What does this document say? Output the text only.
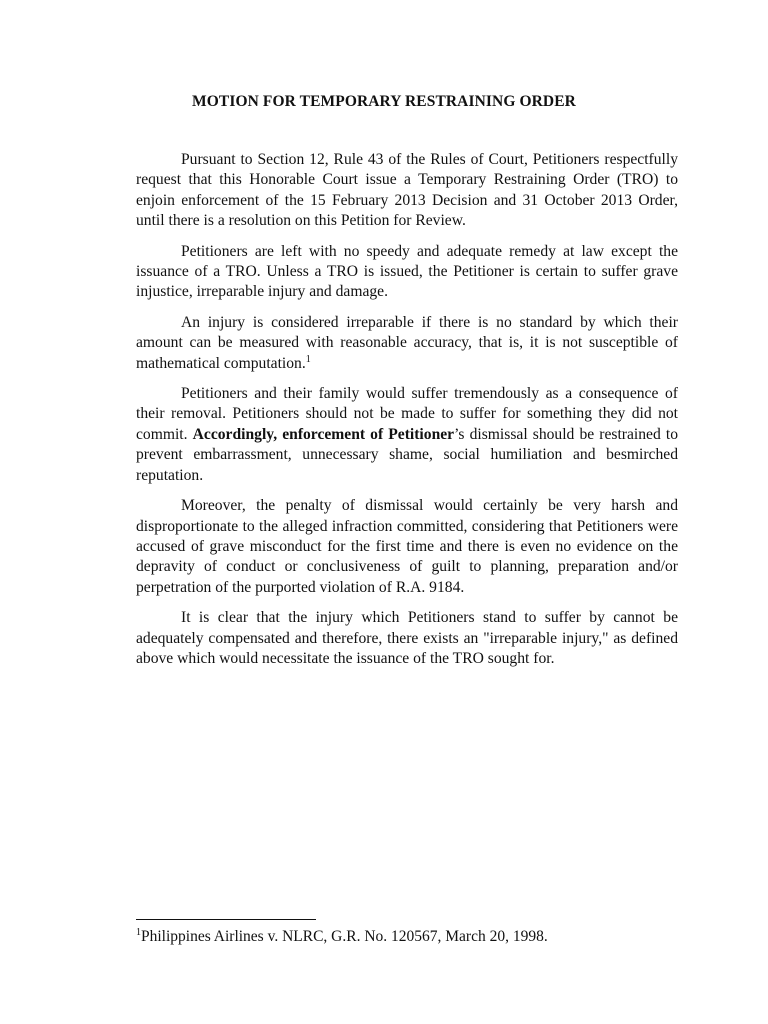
MOTION FOR TEMPORARY RESTRAINING ORDER

Pursuant to Section 12, Rule 43 of the Rules of Court, Petitioners respectfully request that this Honorable Court issue a Temporary Restraining Order (TRO) to enjoin enforcement of the 15 February 2013 Decision and 31 October 2013 Order, until there is a resolution on this Petition for Review.

Petitioners are left with no speedy and adequate remedy at law except the issuance of a TRO. Unless a TRO is issued, the Petitioner is certain to suffer grave injustice, irreparable injury and damage.

An injury is considered irreparable if there is no standard by which their amount can be measured with reasonable accuracy, that is, it is not susceptible of mathematical computation.$^1$

Petitioners and their family would suffer tremendously as a consequence of their removal. Petitioners should not be made to suffer for something they did not commit. Accordingly, enforcement of Petitioner’s dismissal should be restrained to prevent embarrassment, unnecessary shame, social humiliation and besmirched reputation.

Moreover, the penalty of dismissal would certainly be very harsh and disproportionate to the alleged infraction committed, considering that Petitioners were accused of grave misconduct for the first time and there is even no evidence on the depravity of conduct or conclusiveness of guilt to planning, preparation and/or perpetration of the purported violation of R.A. 9184.

It is clear that the injury which Petitioners stand to suffer by cannot be adequately compensated and therefore, there exists an "irreparable injury," as defined above which would necessitate the issuance of the TRO sought for.

$^1$Philippines Airlines v. NLRC, G.R. No. 120567, March 20, 1998.
